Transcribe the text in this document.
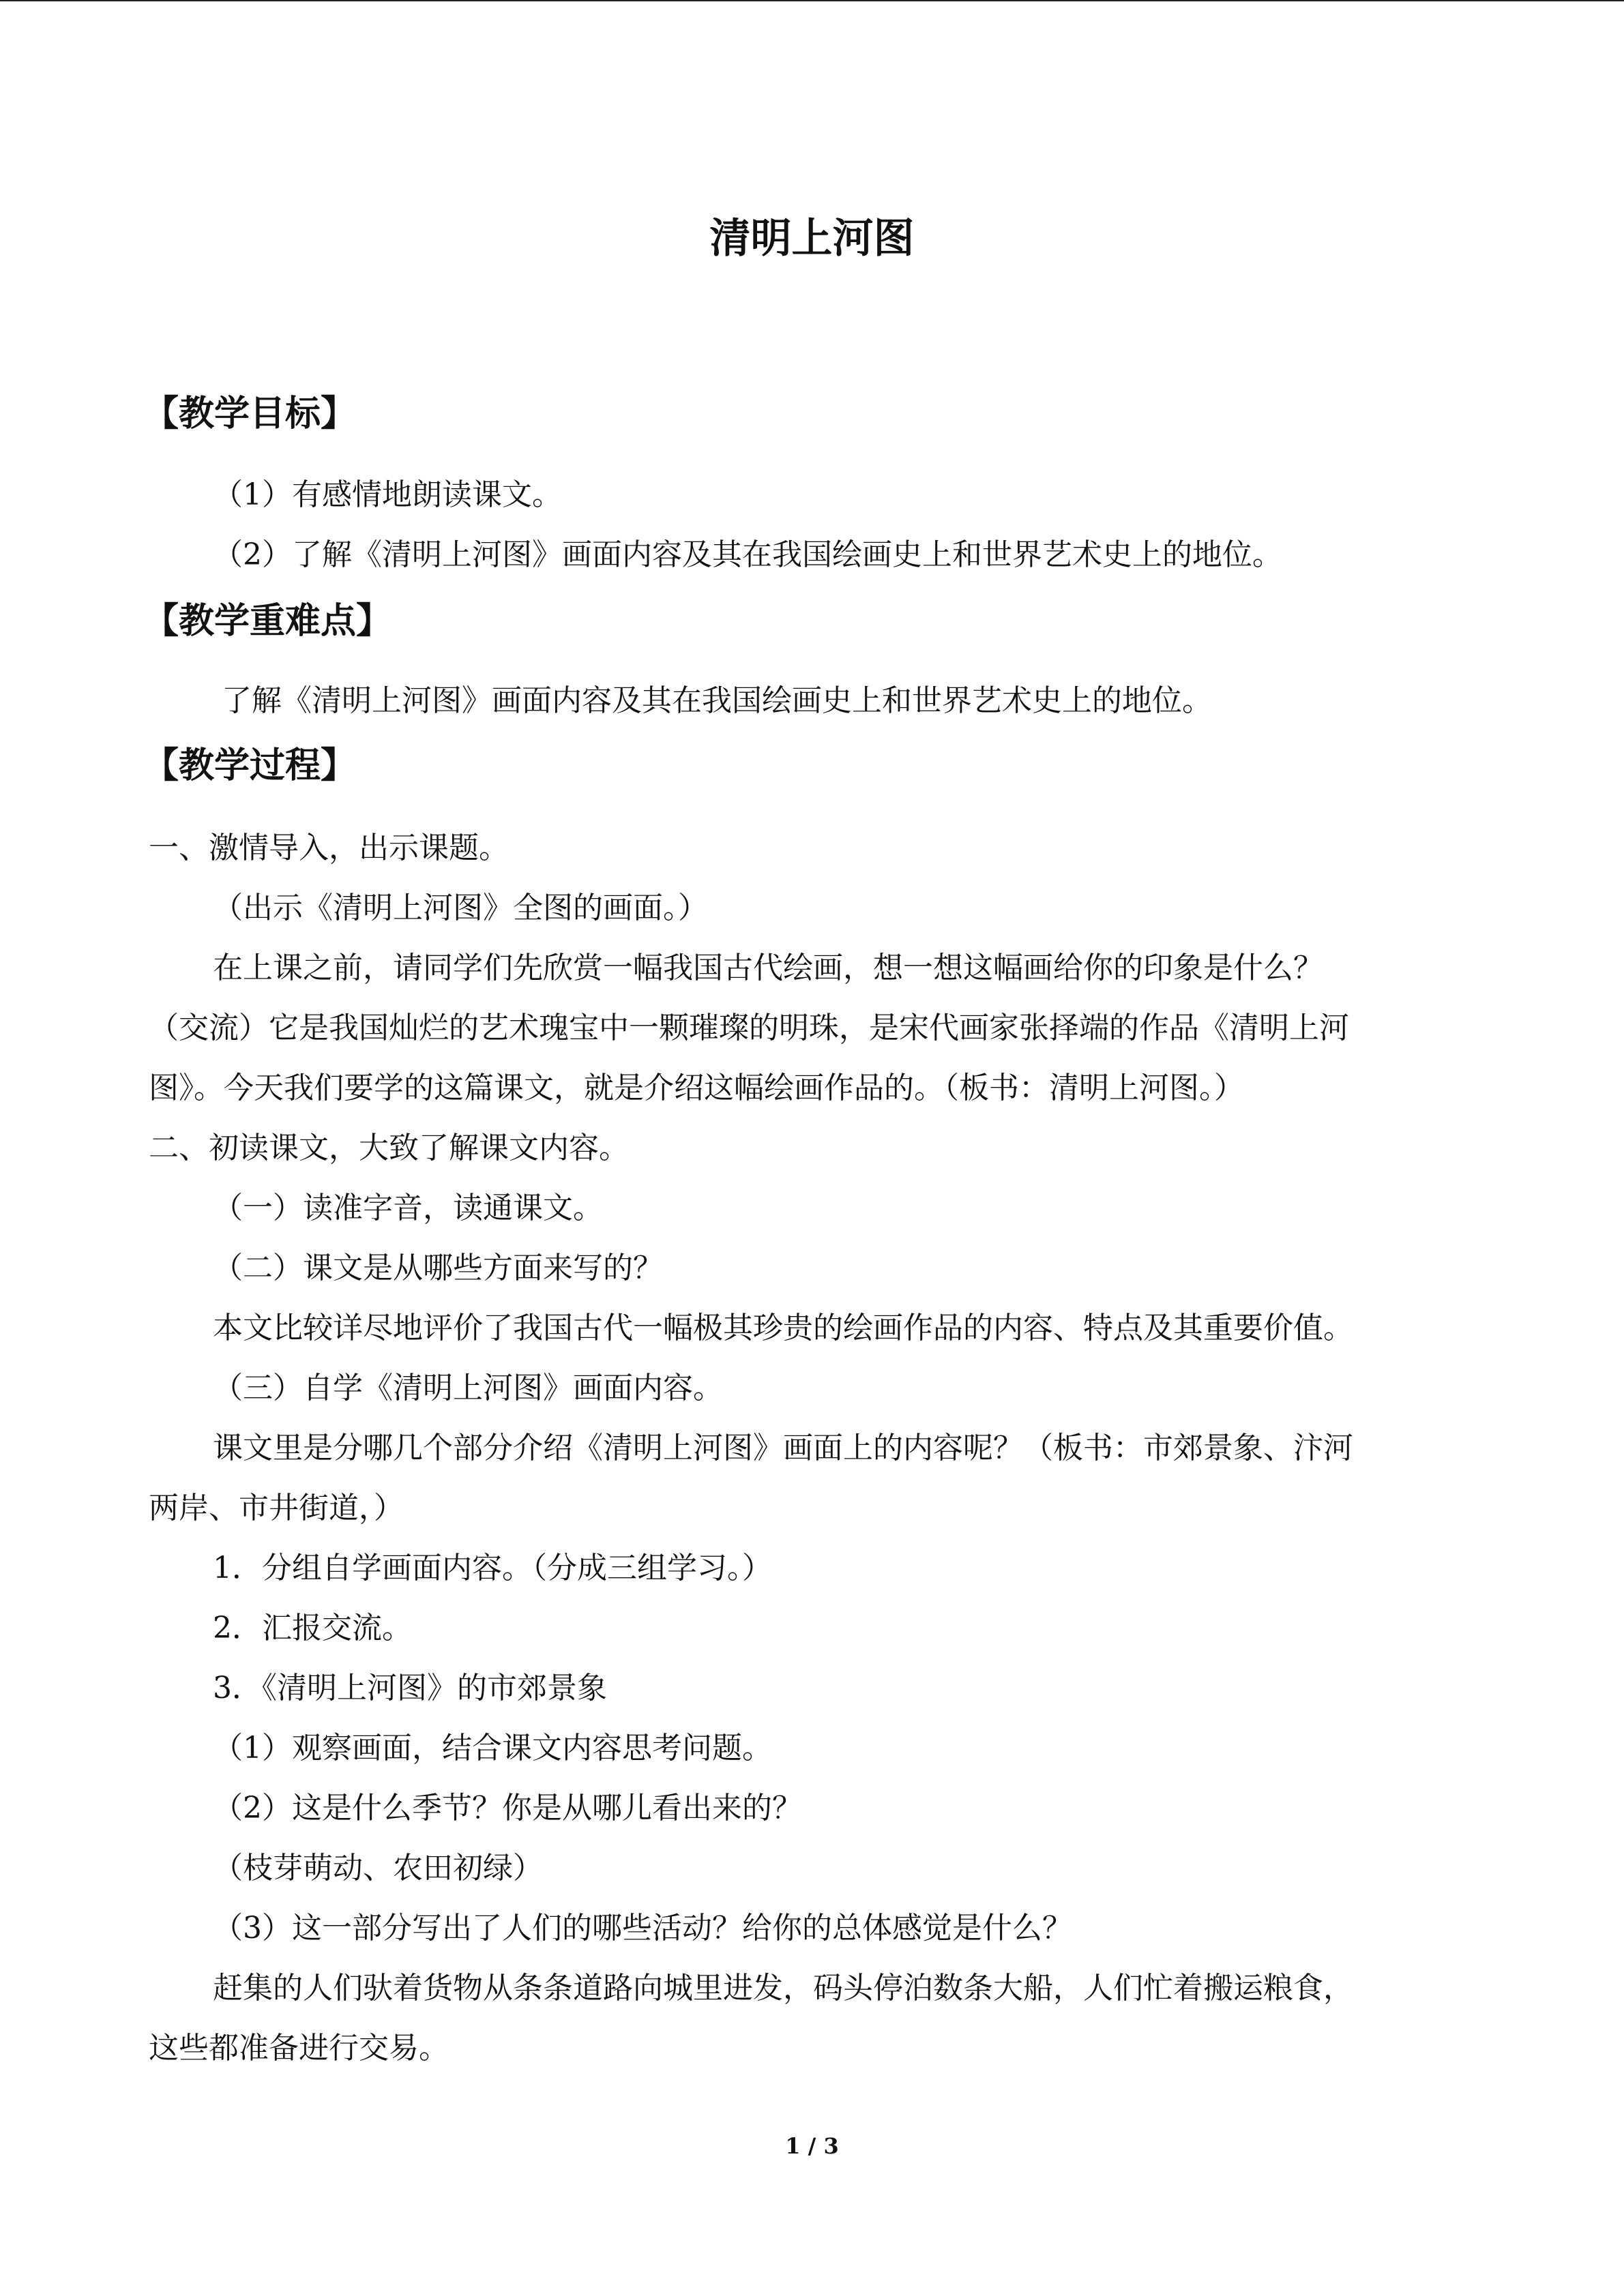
清明上河图
【教学目标】
（1）有感情地朗读课文。
（2）了解《清明上河图》画面内容及其在我国绘画史上和世界艺术史上的地位。
【教学重难点】
了解《清明上河图》画面内容及其在我国绘画史上和世界艺术史上的地位。
【教学过程】
一、激情导入，出示课题。
（出示《清明上河图》全图的画面。）
在上课之前，请同学们先欣赏一幅我国古代绘画，想一想这幅画给你的印象是什么？
（交流）它是我国灿烂的艺术瑰宝中一颗璀璨的明珠，是宋代画家张择端的作品《清明上河
图》。今天我们要学的这篇课文，就是介绍这幅绘画作品的。（板书：清明上河图。）
二、初读课文，大致了解课文内容。
（一）读准字音，读通课文。
（二）课文是从哪些方面来写的？
本文比较详尽地评价了我国古代一幅极其珍贵的绘画作品的内容、特点及其重要价值。
（三）自学《清明上河图》画面内容。
课文里是分哪几个部分介绍《清明上河图》画面上的内容呢？（板书：市郊景象、汴河
两岸、市井街道，）
1．分组自学画面内容。（分成三组学习。）
2．汇报交流。
3．《清明上河图》的市郊景象
（1）观察画面，结合课文内容思考问题。
（2）这是什么季节？你是从哪儿看出来的？
（枝芽萌动、农田初绿）
（3）这一部分写出了人们的哪些活动？给你的总体感觉是什么？
赶集的人们驮着货物从条条道路向城里进发，码头停泊数条大船，人们忙着搬运粮食，
这些都准备进行交易。
1 / 3
